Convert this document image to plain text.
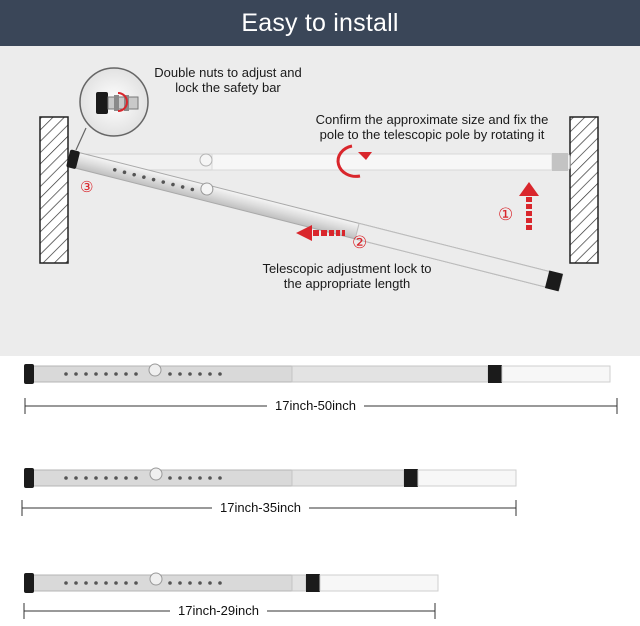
Easy to install
③
①
②
Double nuts to adjust and
lock the safety bar
Confirm the approximate size and fix the
pole to the telescopic pole by rotating it
Telescopic adjustment lock to
the appropriate length
17inch-50inch
17inch-35inch
17inch-29inch
